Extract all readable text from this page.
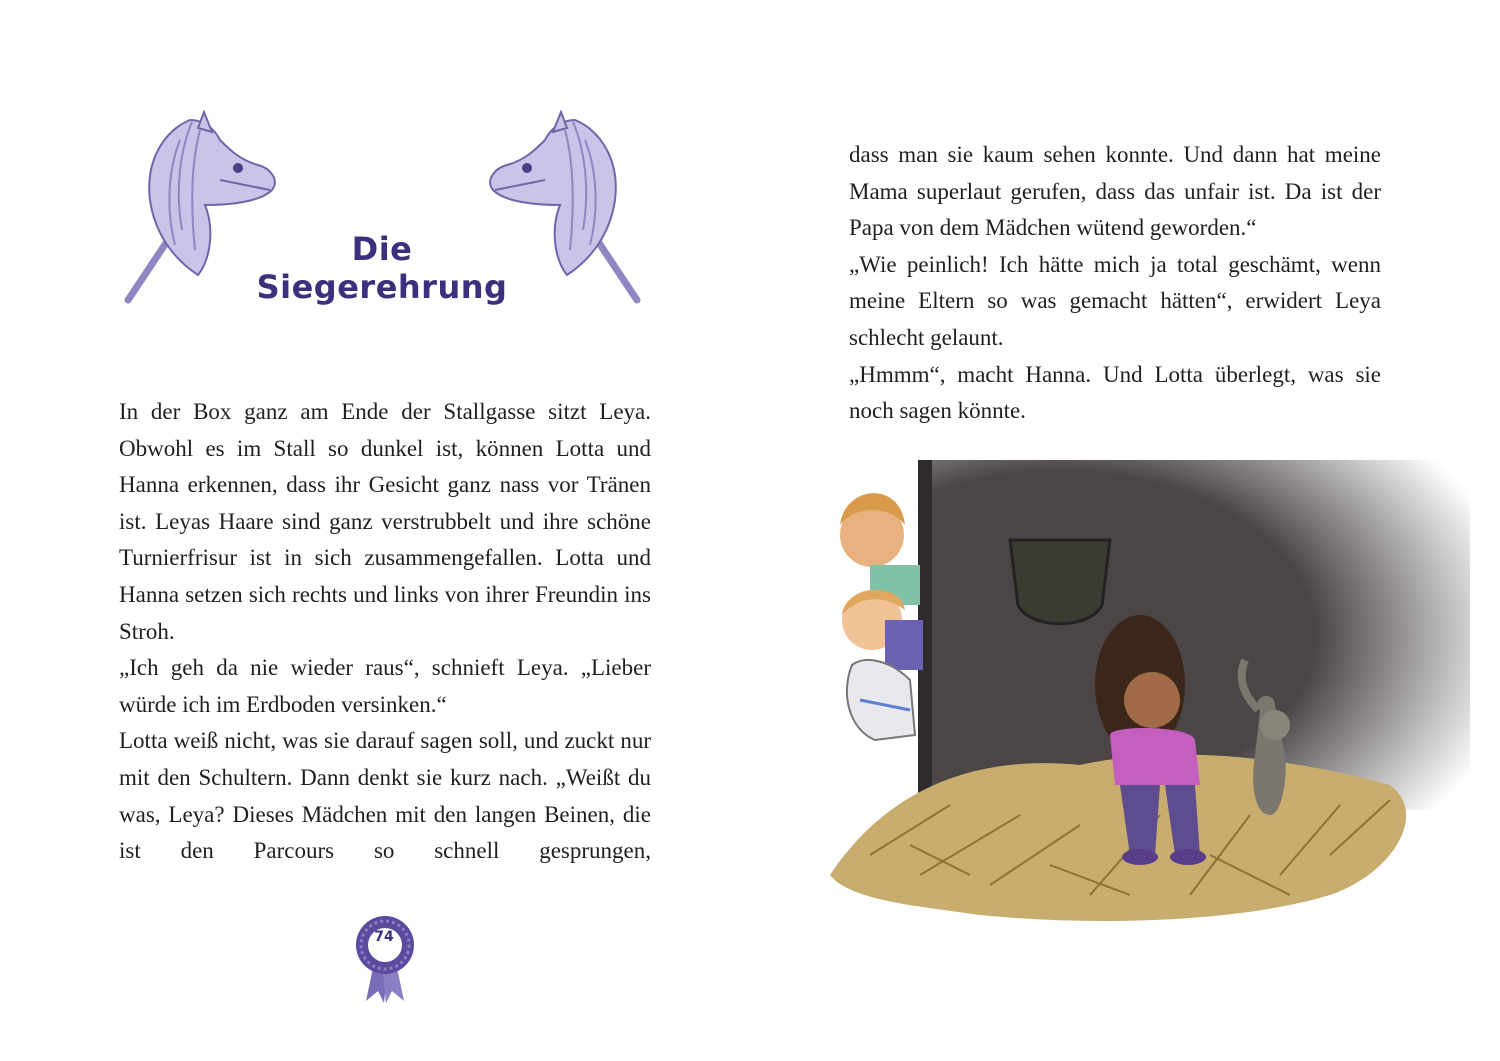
Die Siegerehrung

In der Box ganz am Ende der Stallgasse sitzt Leya. Obwohl es im Stall so dunkel ist, können Lotta und Hanna erkennen, dass ihr Gesicht ganz nass vor Tränen ist. Leyas Haare sind ganz verstrubbelt und ihre schöne Turnierfrisur ist in sich zusammengefallen. Lotta und Hanna setzen sich rechts und links von ihrer Freundin ins Stroh.

„Ich geh da nie wieder raus“, schnieft Leya. „Lieber würde ich im Erdboden versinken.“

Lotta weiß nicht, was sie darauf sagen soll, und zuckt nur mit den Schultern. Dann denkt sie kurz nach. „Weißt du was, Leya? Dieses Mädchen mit den langen Beinen, die ist den Parcours so schnell gesprungen,

74

dass man sie kaum sehen konnte. Und dann hat meine Mama superlaut gerufen, dass das unfair ist. Da ist der Papa von dem Mädchen wütend geworden.“

„Wie peinlich! Ich hätte mich ja total geschämt, wenn meine Eltern so was gemacht hätten“, erwidert Leya schlecht gelaunt.

„Hmmm“, macht Hanna. Und Lotta überlegt, was sie noch sagen könnte.
